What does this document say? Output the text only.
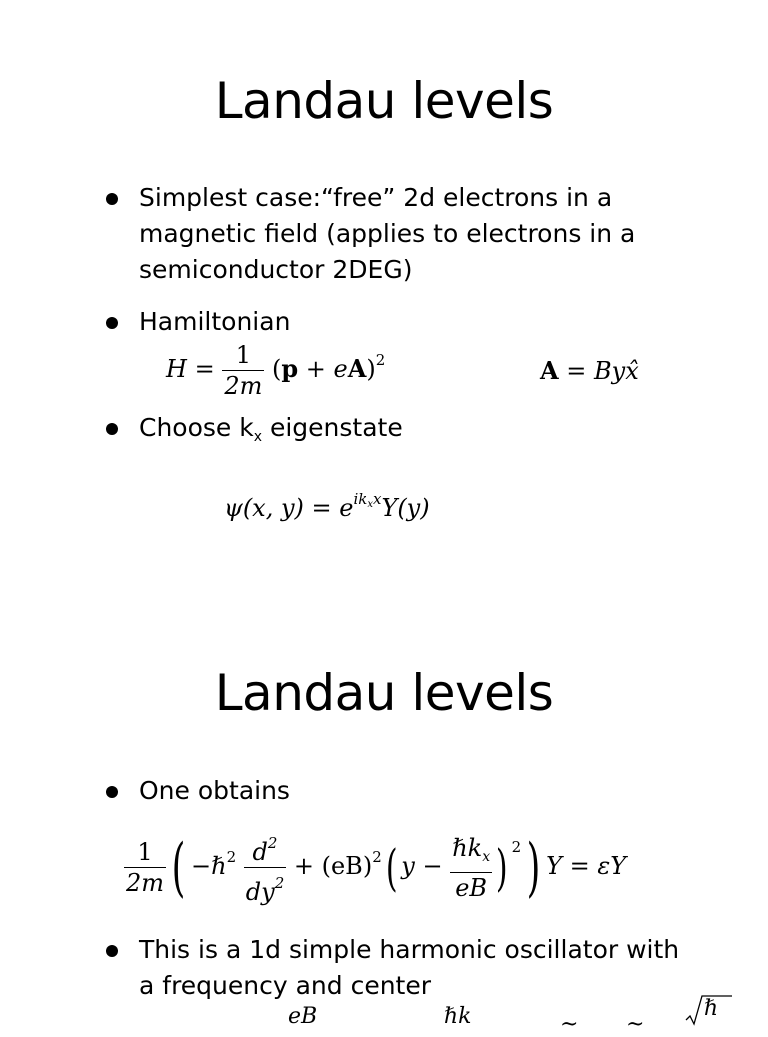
Landau levels
Simplest case:“free” 2d electrons in a
magnetic field (applies to electrons in a
semiconductor 2DEG)
Hamiltonian
$H = \frac{1}{2m} (p + eA)^2$	A = Byx̂
Choose $k_x$ eigenstate
ψ(x, $y) = e^{ik_xx}Y(y)$
Landau levels
One obtains
$\frac{1}{2m}$ ( −ℏ$^2$ $\frac{d^2}{dy^2} + (eB)^2$( $y - \frac{\hbar k_x}{eB}$ ) $^2$) Y = εY
This is a 1d simple harmonic oscillator with
a frequency and center
eB	ℏk	~ ~
ℏ
